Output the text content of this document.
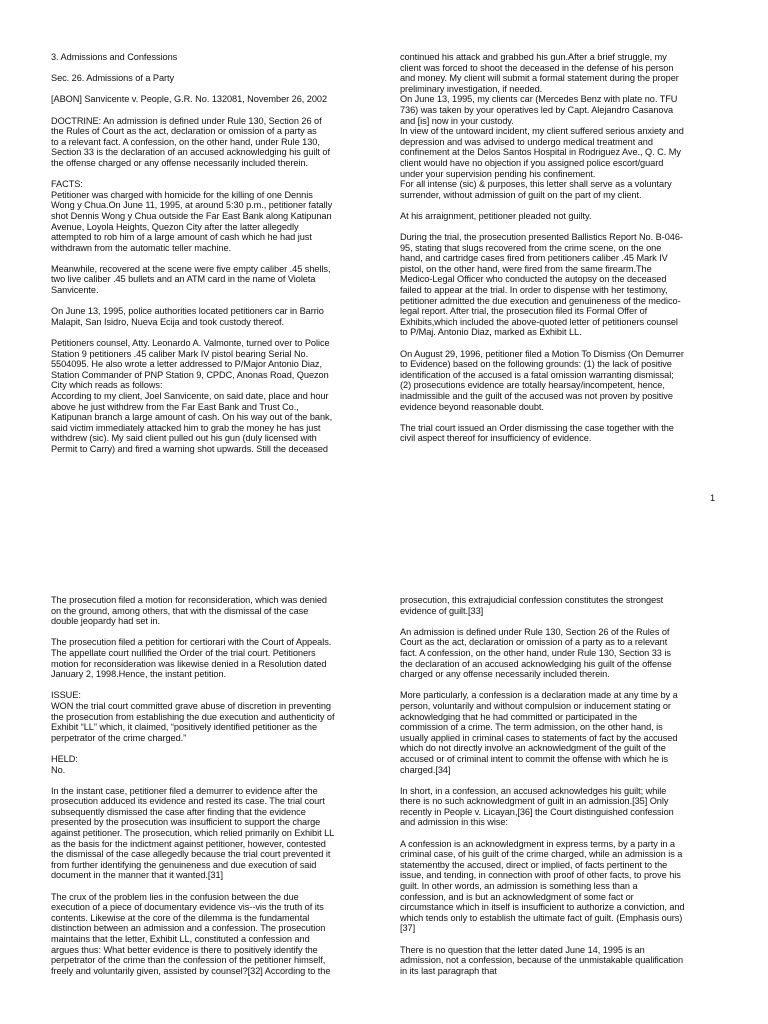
3. Admissions and Confessions

Sec. 26. Admissions of a Party

[ABON] Sanvicente v. People, G.R. No. 132081, November 26, 2002

DOCTRINE: An admission is defined under Rule 130, Section 26 of
the Rules of Court as the act, declaration or omission of a party as
to a relevant fact. A confession, on the other hand, under Rule 130,
Section 33 is the declaration of an accused acknowledging his guilt of
the offense charged or any offense necessarily included therein.

FACTS:
Petitioner was charged with homicide for the killing of one Dennis
Wong y Chua.On June 11, 1995, at around 5:30 p.m., petitioner fatally
shot Dennis Wong y Chua outside the Far East Bank along Katipunan
Avenue, Loyola Heights, Quezon City after the latter allegedly
attempted to rob him of a large amount of cash which he had just
withdrawn from the automatic teller machine.

Meanwhile, recovered at the scene were five empty caliber .45 shells,
two live caliber .45 bullets and an ATM card in the name of Violeta
Sanvicente.

On June 13, 1995, police authorities located petitioners car in Barrio
Malapit, San Isidro, Nueva Ecija and took custody thereof.

Petitioners counsel, Atty. Leonardo A. Valmonte, turned over to Police
Station 9 petitioners .45 caliber Mark IV pistol bearing Serial No.
5504095. He also wrote a letter addressed to P/Major Antonio Diaz,
Station Commander of PNP Station 9, CPDC, Anonas Road, Quezon
City which reads as follows:
According to my client, Joel Sanvicente, on said date, place and hour
above he just withdrew from the Far East Bank and Trust Co.,
Katipunan branch a large amount of cash. On his way out of the bank,
said victim immediately attacked him to grab the money he has just
withdrew (sic). My said client pulled out his gun (duly licensed with
Permit to Carry) and fired a warning shot upwards. Still the deceased

continued his attack and grabbed his gun.After a brief struggle, my
client was forced to shoot the deceased in the defense of his person
and money. My client will submit a formal statement during the proper
preliminary investigation, if needed.
On June 13, 1995, my clients car (Mercedes Benz with plate no. TFU
736) was taken by your operatives led by Capt. Alejandro Casanova
and [is] now in your custody.
In view of the untoward incident, my client suffered serious anxiety and
depression and was advised to undergo medical treatment and
confinement at the Delos Santos Hospital in Rodriguez Ave., Q. C. My
client would have no objection if you assigned police escort/guard
under your supervision pending his confinement.
For all intense (sic) & purposes, this letter shall serve as a voluntary
surrender, without admission of guilt on the part of my client.

At his arraignment, petitioner pleaded not guilty.

During the trial, the prosecution presented Ballistics Report No. B-046-
95, stating that slugs recovered from the crime scene, on the one
hand, and cartridge cases fired from petitioners caliber .45 Mark IV
pistol, on the other hand, were fired from the same firearm.The
Medico-Legal Officer who conducted the autopsy on the deceased
failed to appear at the trial. In order to dispense with her testimony,
petitioner admitted the due execution and genuineness of the medico-
legal report. After trial, the prosecution filed its Formal Offer of
Exhibits,which included the above-quoted letter of petitioners counsel
to P/Maj. Antonio Diaz, marked as Exhibit LL.

On August 29, 1996, petitioner filed a Motion To Dismiss (On Demurrer
to Evidence) based on the following grounds: (1) the lack of positive
identification of the accused is a fatal omission warranting dismissal;
(2) prosecutions evidence are totally hearsay/incompetent, hence,
inadmissible and the guilt of the accused was not proven by positive
evidence beyond reasonable doubt.

The trial court issued an Order dismissing the case together with the
civil aspect thereof for insufficiency of evidence.

1

The prosecution filed a motion for reconsideration, which was denied
on the ground, among others, that with the dismissal of the case
double jeopardy had set in.

The prosecution filed a petition for certiorari with the Court of Appeals.
The appellate court nullified the Order of the trial court. Petitioners
motion for reconsideration was likewise denied in a Resolution dated
January 2, 1998.Hence, the instant petition.

ISSUE:
WON the trial court committed grave abuse of discretion in preventing
the prosecution from establishing the due execution and authenticity of
Exhibit “LL” which, it claimed, “positively identified petitioner as the
perpetrator of the crime charged.”

HELD:
No.

In the instant case, petitioner filed a demurrer to evidence after the
prosecution adduced its evidence and rested its case. The trial court
subsequently dismissed the case after finding that the evidence
presented by the prosecution was insufficient to support the charge
against petitioner. The prosecution, which relied primarily on Exhibit LL
as the basis for the indictment against petitioner, however, contested
the dismissal of the case allegedly because the trial court prevented it
from further identifying the genuineness and due execution of said
document in the manner that it wanted.[31]

The crux of the problem lies in the confusion between the due
execution of a piece of documentary evidence vis--vis the truth of its
contents. Likewise at the core of the dilemma is the fundamental
distinction between an admission and a confession. The prosecution
maintains that the letter, Exhibit LL, constituted a confession and
argues thus: What better evidence is there to positively identify the
perpetrator of the crime than the confession of the petitioner himself,
freely and voluntarily given, assisted by counsel?[32] According to the

prosecution, this extrajudicial confession constitutes the strongest
evidence of guilt.[33]

An admission is defined under Rule 130, Section 26 of the Rules of
Court as the act, declaration or omission of a party as to a relevant
fact. A confession, on the other hand, under Rule 130, Section 33 is
the declaration of an accused acknowledging his guilt of the offense
charged or any offense necessarily included therein.

More particularly, a confession is a declaration made at any time by a
person, voluntarily and without compulsion or inducement stating or
acknowledging that he had committed or participated in the
commission of a crime. The term admission, on the other hand, is
usually applied in criminal cases to statements of fact by the accused
which do not directly involve an acknowledgment of the guilt of the
accused or of criminal intent to commit the offense with which he is
charged.[34]

In short, in a confession, an accused acknowledges his guilt; while
there is no such acknowledgment of guilt in an admission.[35] Only
recently in People v. Licayan,[36] the Court distinguished confession
and admission in this wise:

A confession is an acknowledgment in express terms, by a party in a
criminal case, of his guilt of the crime charged, while an admission is a
statementby the accused, direct or implied, of facts pertinent to the
issue, and tending, in connection with proof of other facts, to prove his
guilt. In other words, an admission is something less than a
confession, and is but an acknowledgment of some fact or
circumstance which in itself is insufficient to authorize a conviction, and
which tends only to establish the ultimate fact of guilt. (Emphasis ours)
[37]

There is no question that the letter dated June 14, 1995 is an
admission, not a confession, because of the unmistakable qualification
in its last paragraph that
